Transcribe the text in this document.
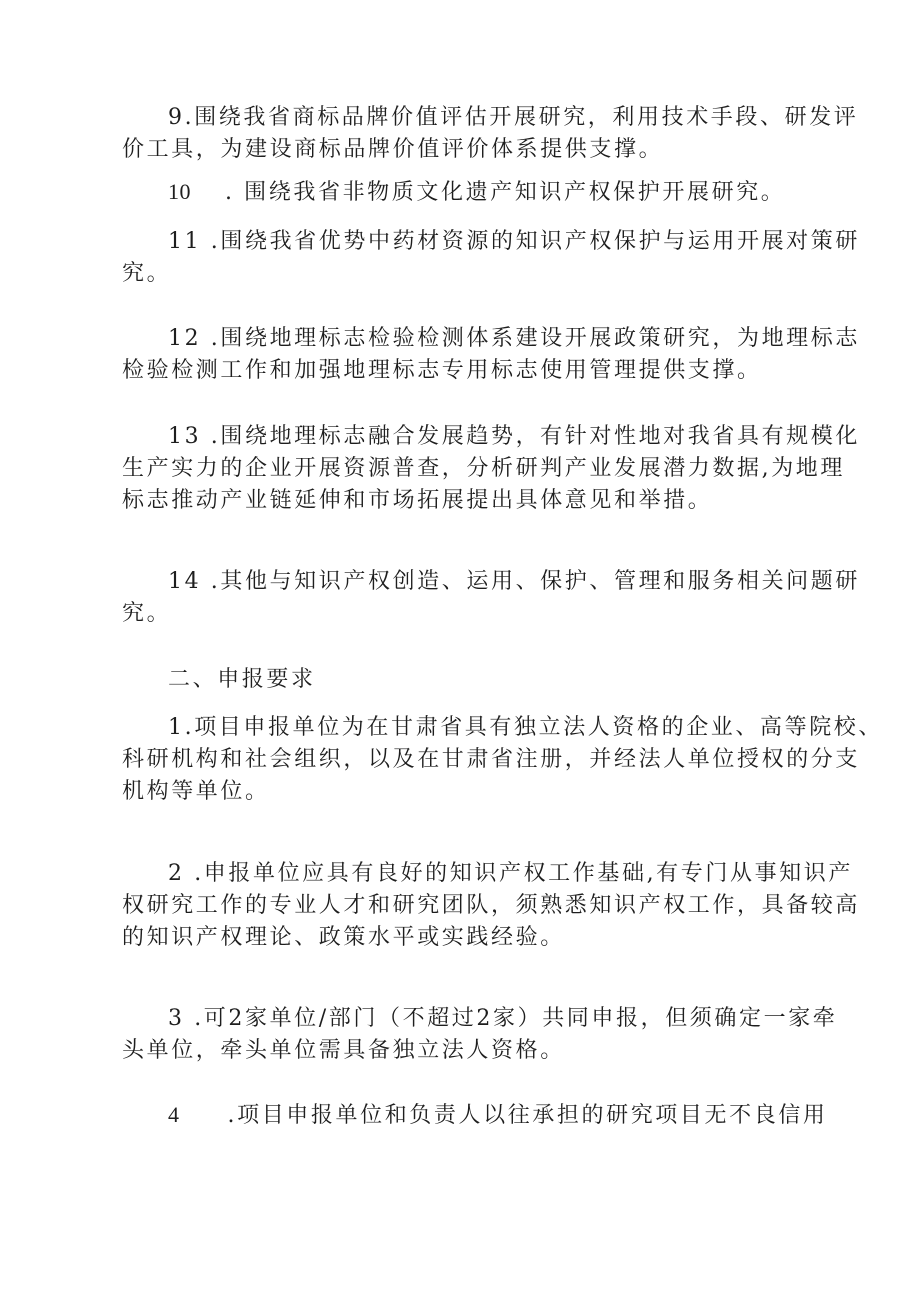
9.围绕我省商标品牌价值评估开展研究，利用技术手段、研发评
价工具，为建设商标品牌价值评价体系提供支撑。

10 . 围绕我省非物质文化遗产知识产权保护开展研究。

11 .围绕我省优势中药材资源的知识产权保护与运用开展对策研
究。

12 .围绕地理标志检验检测体系建设开展政策研究，为地理标志
检验检测工作和加强地理标志专用标志使用管理提供支撑。

13 .围绕地理标志融合发展趋势，有针对性地对我省具有规模化
生产实力的企业开展资源普查，分析研判产业发展潜力数据,为地理
标志推动产业链延伸和市场拓展提出具体意见和举措。

14 .其他与知识产权创造、运用、保护、管理和服务相关问题研
究。

二、申报要求

1.项目申报单位为在甘肃省具有独立法人资格的企业、高等院校、
科研机构和社会组织，以及在甘肃省注册，并经法人单位授权的分支
机构等单位。

2 .申报单位应具有良好的知识产权工作基础,有专门从事知识产
权研究工作的专业人才和研究团队，须熟悉知识产权工作，具备较高
的知识产权理论、政策水平或实践经验。

3 .可2家单位/部门（不超过2家）共同申报，但须确定一家牵
头单位，牵头单位需具备独立法人资格。

4 .项目申报单位和负责人以往承担的研究项目无不良信用
